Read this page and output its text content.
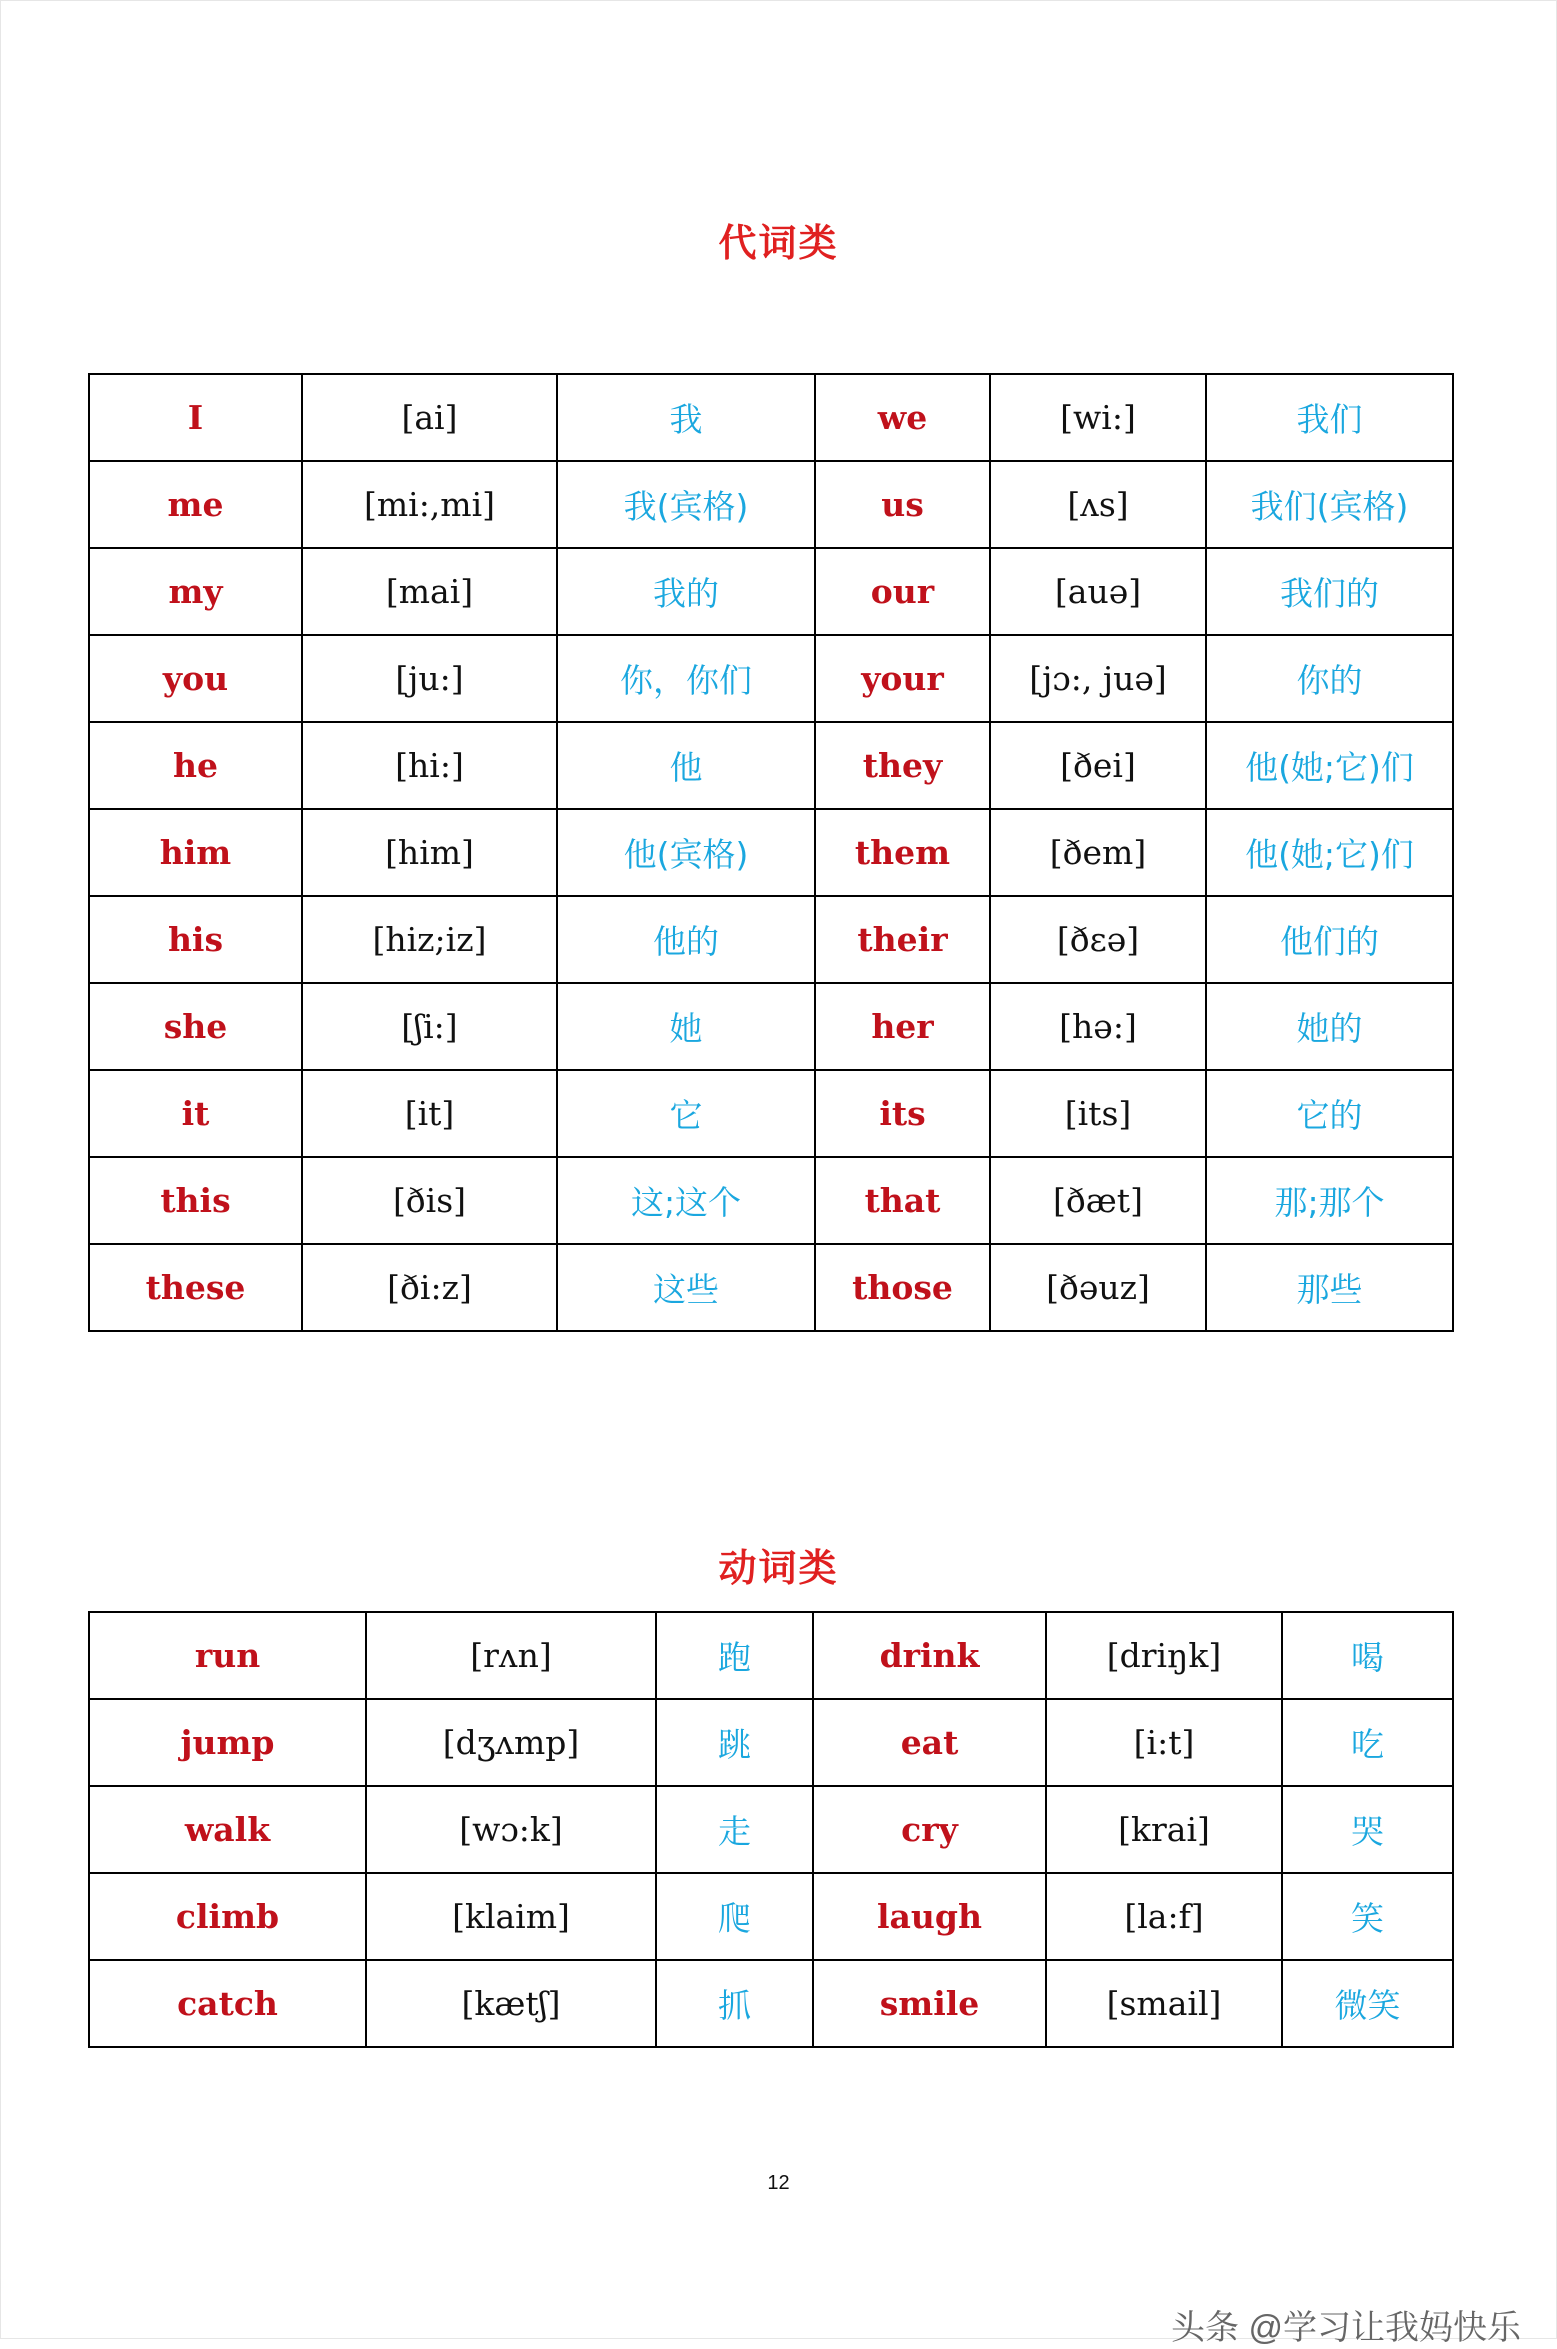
代词类
I	[ai]	我	we	[wi:]	我们
me	[mi:,mi]	我(宾格)	us	[ʌs]	我们(宾格)
my	[mai]	我的	our	[auə]	我们的
you	[ju:]	你，你们	your	[jɔ:, juə]	你的
he	[hi:]	他	they	[ðei]	他(她;它)们
him	[him]	他(宾格)	them	[ðem]	他(她;它)们
his	[hiz;iz]	他的	their	[ðεə]	他们的
she	[ʃi:]	她	her	[hə:]	她的
it	[it]	它	its	[its]	它的
this	[ðis]	这;这个	that	[ðæt]	那;那个
these	[ði:z]	这些	those	[ðəuz]	那些
动词类
run	[rʌn]	跑	drink	[driŋk]	喝
jump	[dʒʌmp]	跳	eat	[i:t]	吃
walk	[wɔ:k]	走	cry	[krai]	哭
climb	[klaim]	爬	laugh	[la:f]	笑
catch	[kætʃ]	抓	smile	[smail]	微笑
12
头条 @学习让我妈快乐
